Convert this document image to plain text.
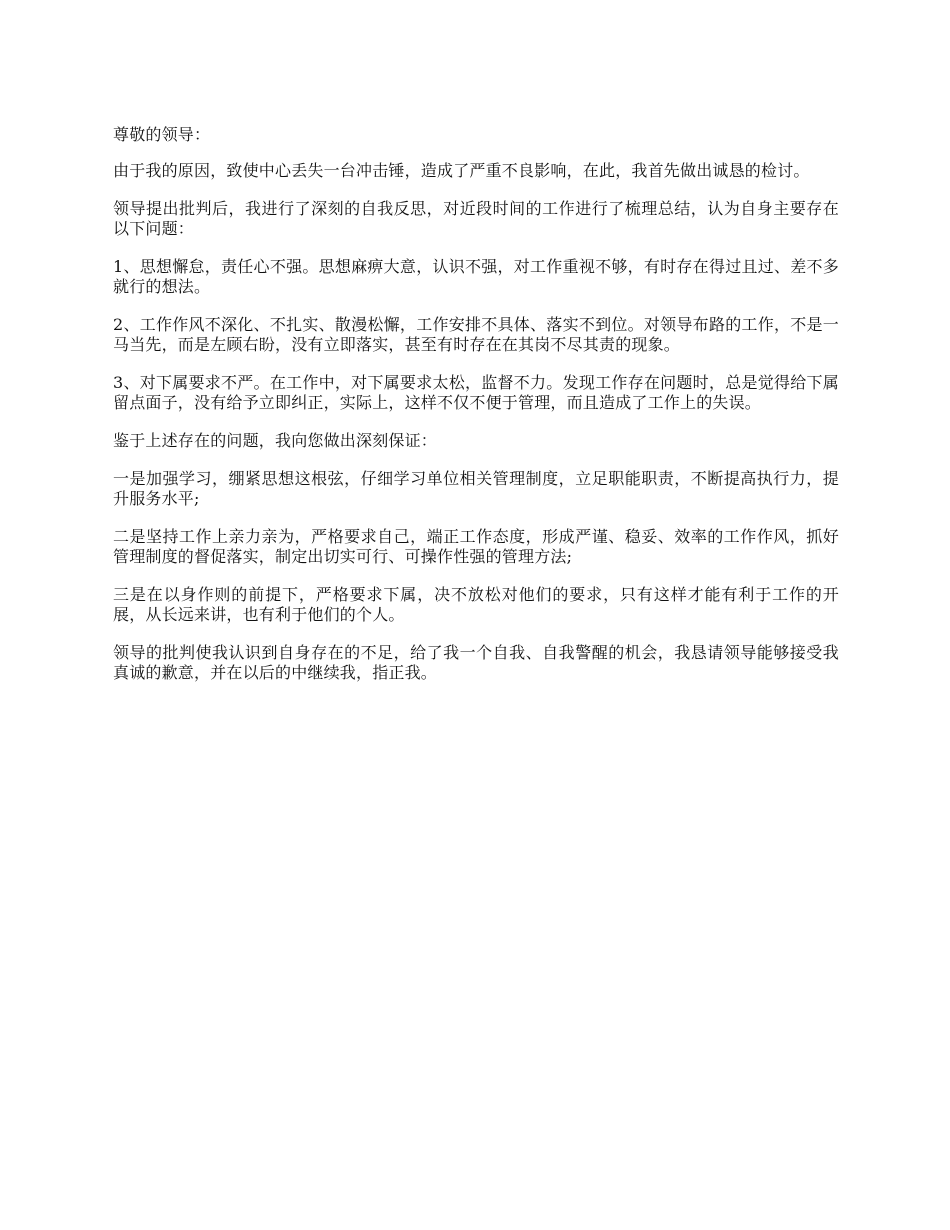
尊敬的领导：

由于我的原因，致使中心丢失一台冲击锤，造成了严重不良影响，在此，我首先做出诚恳的检讨。

领导提出批判后，我进行了深刻的自我反思，对近段时间的工作进行了梳理总结，认为自身主要存在以下问题：

1、思想懈怠，责任心不强。思想麻痹大意，认识不强，对工作重视不够，有时存在得过且过、差不多就行的想法。

2、工作作风不深化、不扎实、散漫松懈，工作安排不具体、落实不到位。对领导布路的工作，不是一马当先，而是左顾右盼，没有立即落实，甚至有时存在在其岗不尽其责的现象。

3、对下属要求不严。在工作中，对下属要求太松，监督不力。发现工作存在问题时，总是觉得给下属留点面子，没有给予立即纠正，实际上，这样不仅不便于管理，而且造成了工作上的失误。

鉴于上述存在的问题，我向您做出深刻保证：

一是加强学习，绷紧思想这根弦，仔细学习单位相关管理制度，立足职能职责，不断提高执行力，提升服务水平;

二是坚持工作上亲力亲为，严格要求自己，端正工作态度，形成严谨、稳妥、效率的工作作风，抓好管理制度的督促落实，制定出切实可行、可操作性强的管理方法;

三是在以身作则的前提下，严格要求下属，决不放松对他们的要求，只有这样才能有利于工作的开展，从长远来讲，也有利于他们的个人。

领导的批判使我认识到自身存在的不足，给了我一个自我、自我警醒的机会，我恳请领导能够接受我真诚的歉意，并在以后的中继续我，指正我。
